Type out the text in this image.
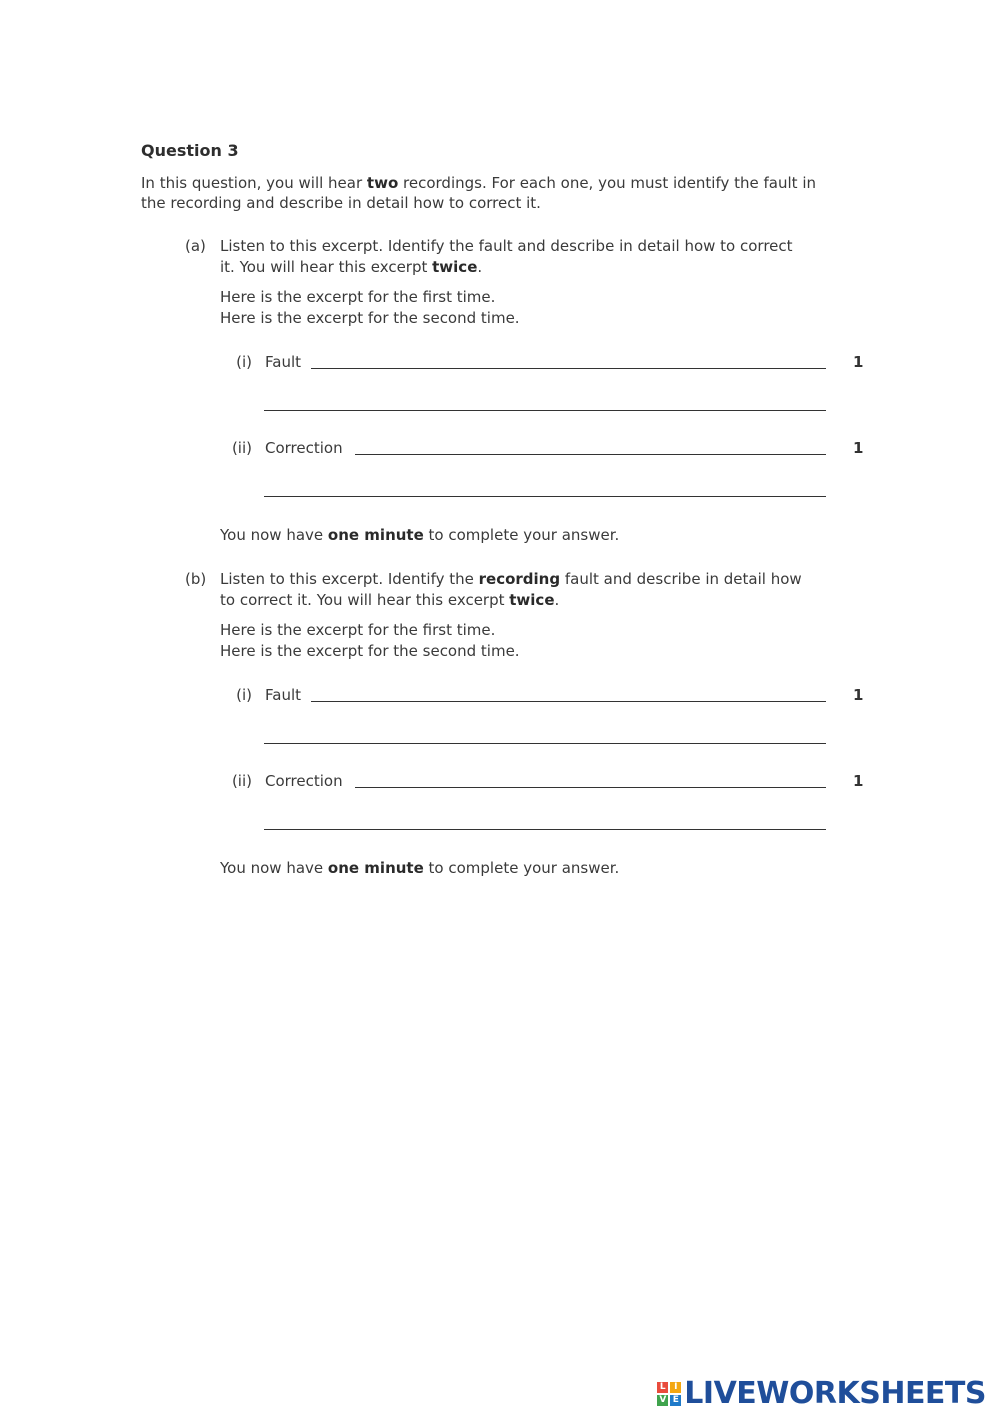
Question 3
In this question, you will hear two recordings. For each one, you must identify the fault in
the recording and describe in detail how to correct it.
(a) Listen to this excerpt. Identify the fault and describe in detail how to correct
it. You will hear this excerpt twice.
Here is the excerpt for the first time.
Here is the excerpt for the second time.
(i) Fault	1
(ii) Correction	1
You now have one minute to complete your answer.
(b) Listen to this excerpt. Identify the recording fault and describe in detail how
to correct it. You will hear this excerpt twice.
Here is the excerpt for the first time.
Here is the excerpt for the second time.
(i) Fault	1
(ii) Correction	1
You now have one minute to complete your answer.
L I
V E LIVEWORKSHEETS
